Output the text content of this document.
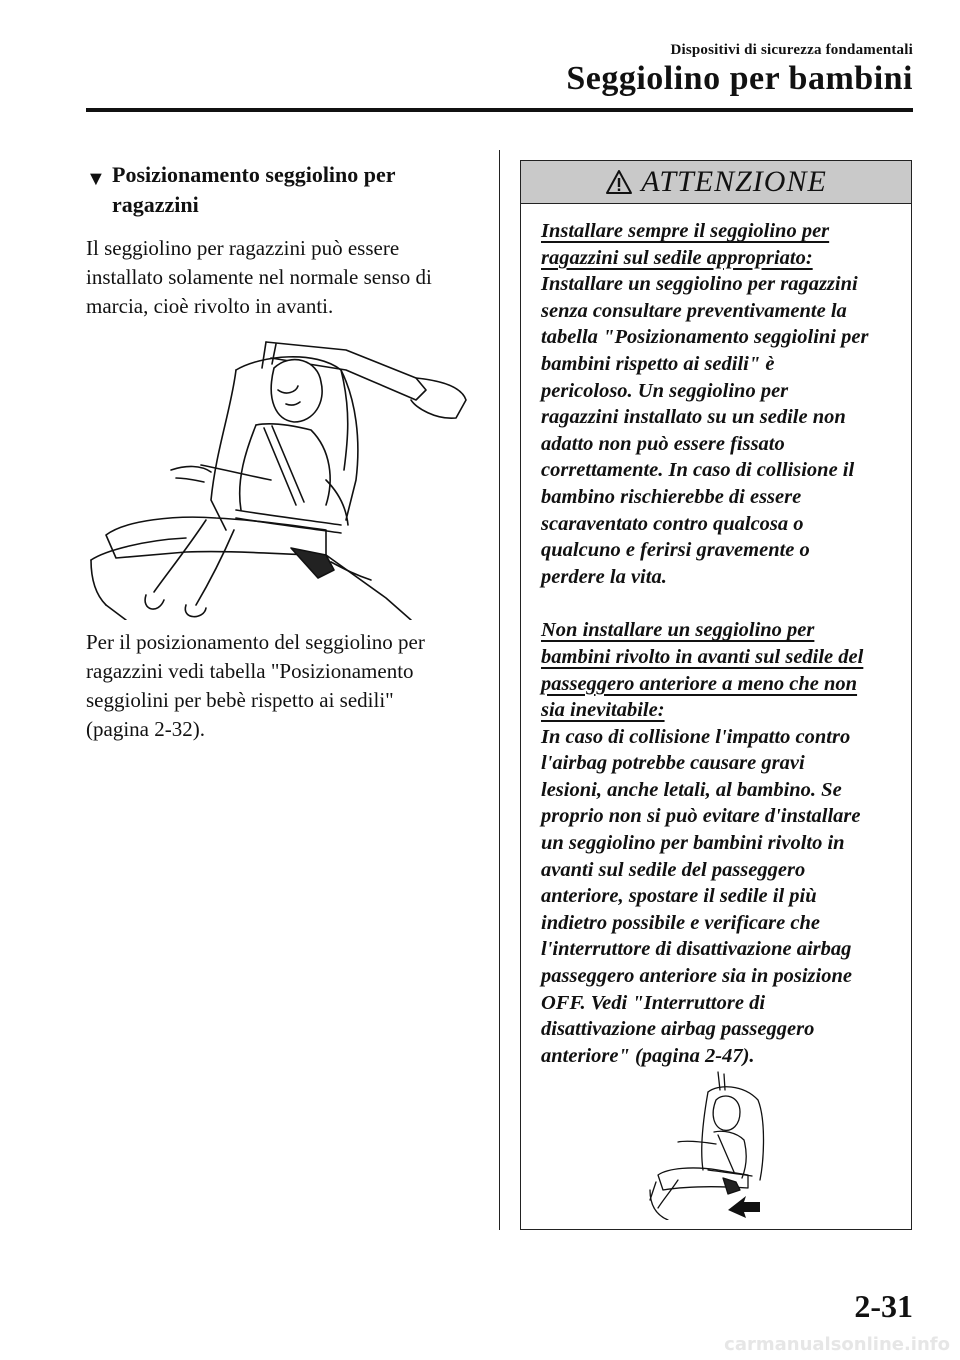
Dispositivi di sicurezza fondamentali
Seggiolino per bambini
▼ Posizionamento seggiolino per
ragazzini

Il seggiolino per ragazzini può essere
installato solamente nel normale senso di
marcia, cioè rivolto in avanti.

Per il posizionamento del seggiolino per
ragazzini vedi tabella "Posizionamento
seggiolini per bebè rispetto ai sedili"
(pagina 2-32).

ATTENZIONE

Installare sempre il seggiolino per
ragazzini sul sedile appropriato:

Installare un seggiolino per ragazzini
senza consultare preventivamente la
tabella "Posizionamento seggiolini per
bambini rispetto ai sedili" è
pericoloso. Un seggiolino per
ragazzini installato su un sedile non
adatto non può essere fissato
correttamente. In caso di collisione il
bambino rischierebbe di essere
scaraventato contro qualcosa o
qualcuno e ferirsi gravemente o
perdere la vita.

Non installare un seggiolino per
bambini rivolto in avanti sul sedile del
passeggero anteriore a meno che non
sia inevitabile:

In caso di collisione l'impatto contro
l'airbag potrebbe causare gravi
lesioni, anche letali, al bambino. Se
proprio non si può evitare d'installare
un seggiolino per bambini rivolto in
avanti sul sedile del passeggero
anteriore, spostare il sedile il più
indietro possibile e verificare che
l'interruttore di disattivazione airbag
passeggero anteriore sia in posizione
OFF. Vedi "Interruttore di
disattivazione airbag passeggero
anteriore" (pagina 2-47).

2-31
carmanualsonline.info
